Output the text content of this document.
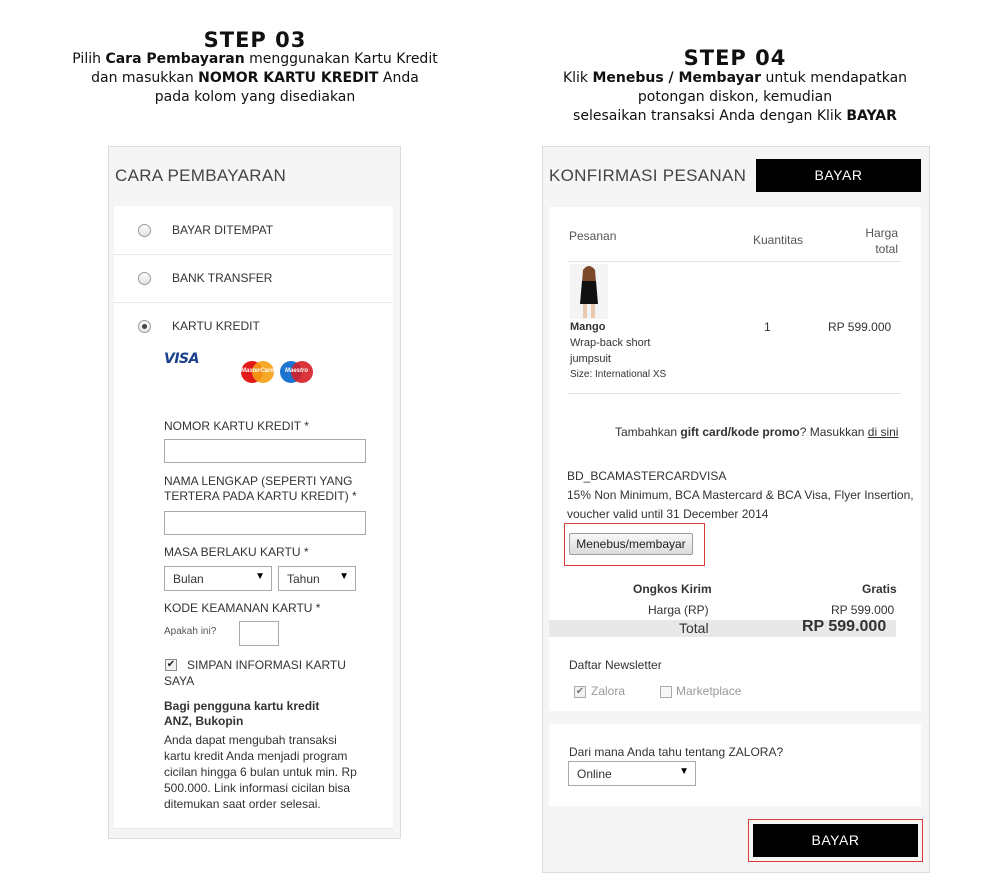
STEP 03
Pilih Cara Pembayaran menggunakan Kartu Kredit
dan masukkan NOMOR KARTU KREDIT Anda
pada kolom yang disediakan
STEP 04
Klik Menebus / Membayar untuk mendapatkan
potongan diskon, kemudian
selesaikan transaksi Anda dengan Klik BAYAR
CARA PEMBAYARAN
BAYAR DITEMPAT
BANK TRANSFER
KARTU KREDIT
VISA
MasterCard	Maestro
NOMOR KARTU KREDIT *
NAMA LENGKAP (SEPERTI YANG
TERTERA PADA KARTU KREDIT) *
MASA BERLAKU KARTU *
Bulan	▼	Tahun ▼
KODE KEAMANAN KARTU *
Apakah ini?
✔ SIMPAN INFORMASI KARTU
SAYA
Bagi pengguna kartu kredit
ANZ, Bukopin
Anda dapat mengubah transaksi
kartu kredit Anda menjadi program
cicilan hingga 6 bulan untuk min. Rp
500.000. Link informasi cicilan bisa
ditemukan saat order selesai.
KONFIRMASI PESANAN	BAYAR
Pesanan	Kuantitas	Harga
total
Mango
Wrap-back short
jumpsuit
Size: International XS
1	RP 599.000
Tambahkan gift card/kode promo? Masukkan di sini
BD_BCAMASTERCARDVISA
15% Non Minimum, BCA Mastercard & BCA Visa, Flyer Insertion,
voucher valid until 31 December 2014
Menebus/membayar
Ongkos Kirim	Gratis
Harga (RP)	RP 599.000
Total	RP 599.000
Daftar Newsletter
✔ Zalora	Marketplace
Dari mana Anda tahu tentang ZALORA?
Online	▼
BAYAR
